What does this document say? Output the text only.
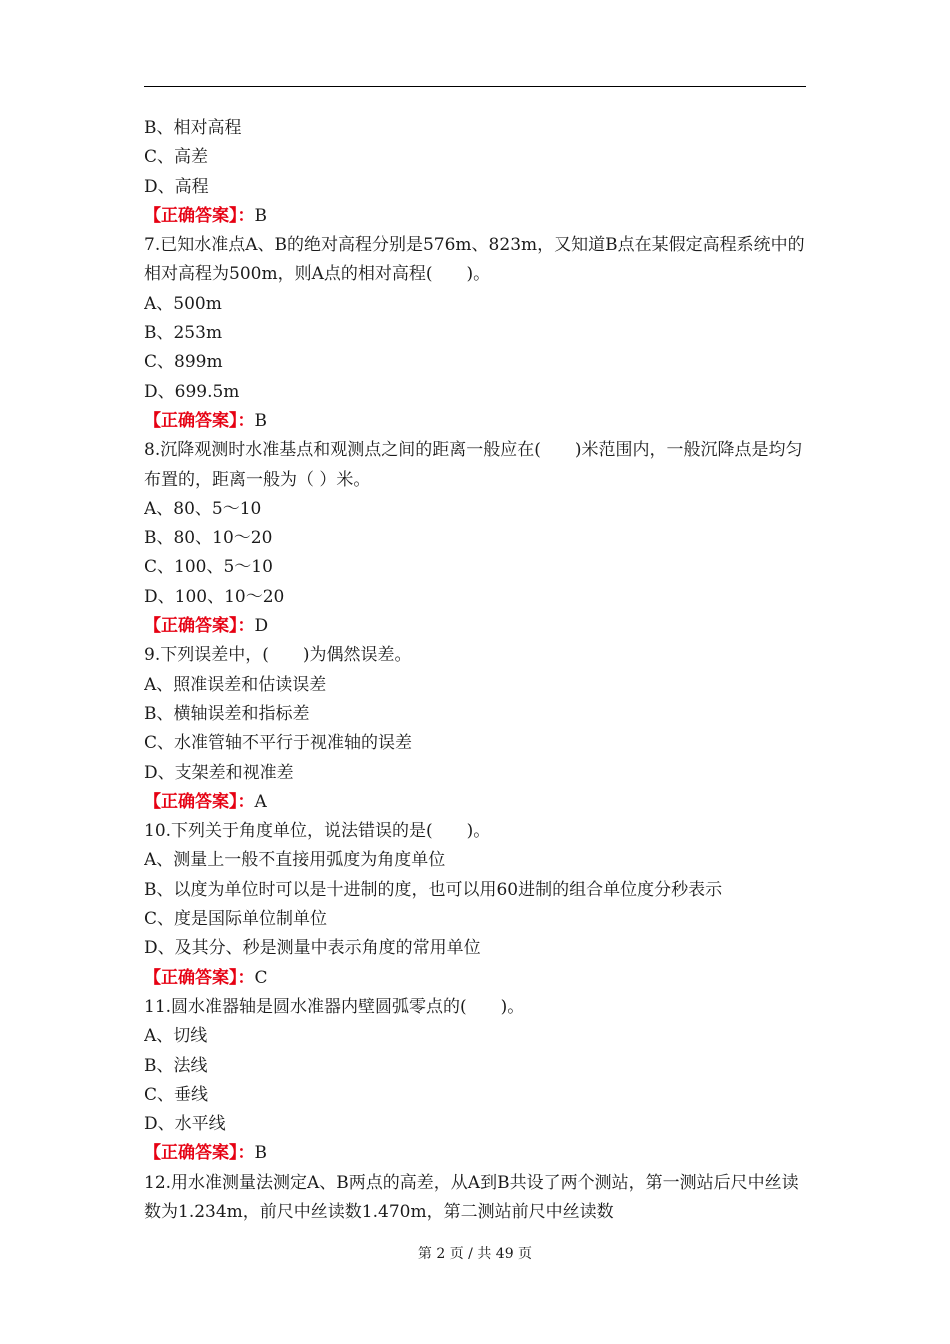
B、相对高程
C、高差
D、高程
【正确答案】：B
7.已知水准点A、B的绝对高程分别是576m、823m，又知道B点在某假定高程系统中的相对高程为500m，则A点的相对高程(　　)。
A、500m
B、253m
C、899m
D、699.5m
【正确答案】：B
8.沉降观测时水准基点和观测点之间的距离一般应在(　　)米范围内，一般沉降点是均匀布置的，距离一般为（ ）米。
A、80、5～10
B、80、10～20
C、100、5～10
D、100、10～20
【正确答案】：D
9.下列误差中，(　　)为偶然误差。
A、照准误差和估读误差
B、横轴误差和指标差
C、水准管轴不平行于视准轴的误差
D、支架差和视准差
【正确答案】：A
10.下列关于角度单位，说法错误的是(　　)。
A、测量上一般不直接用弧度为角度单位
B、以度为单位时可以是十进制的度，也可以用60进制的组合单位度分秒表示
C、度是国际单位制单位
D、及其分、秒是测量中表示角度的常用单位
【正确答案】：C
11.圆水准器轴是圆水准器内壁圆弧零点的(　　)。
A、切线
B、法线
C、垂线
D、水平线
【正确答案】：B
12.用水准测量法测定A、B两点的高差，从A到B共设了两个测站，第一测站后尺中丝读数为1.234m，前尺中丝读数1.470m，第二测站前尺中丝读数
第 2 页 / 共 49 页
